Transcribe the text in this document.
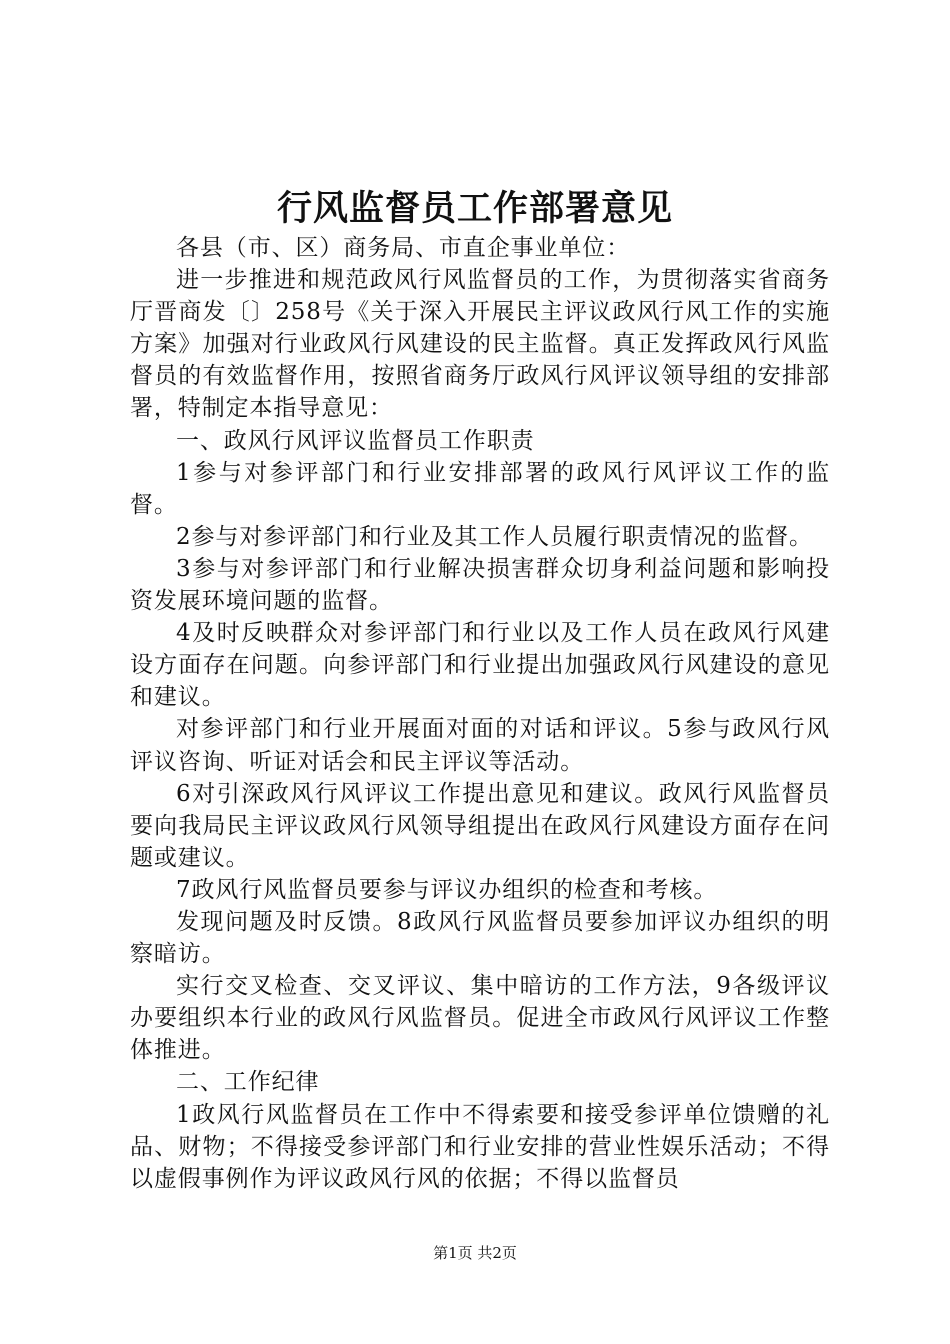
行风监督员工作部署意见

各县（市、区）商务局、市直企事业单位：

进一步推进和规范政风行风监督员的工作，为贯彻落实省商务厅晋商发〔〕258号《关于深入开展民主评议政风行风工作的实施方案》加强对行业政风行风建设的民主监督。真正发挥政风行风监督员的有效监督作用，按照省商务厅政风行风评议领导组的安排部署，特制定本指导意见：

一、政风行风评议监督员工作职责

1参与对参评部门和行业安排部署的政风行风评议工作的监督。

2参与对参评部门和行业及其工作人员履行职责情况的监督。

3参与对参评部门和行业解决损害群众切身利益问题和影响投资发展环境问题的监督。

4及时反映群众对参评部门和行业以及工作人员在政风行风建设方面存在问题。向参评部门和行业提出加强政风行风建设的意见和建议。

对参评部门和行业开展面对面的对话和评议。5参与政风行风评议咨询、听证对话会和民主评议等活动。

6对引深政风行风评议工作提出意见和建议。政风行风监督员要向我局民主评议政风行风领导组提出在政风行风建设方面存在问题或建议。

7政风行风监督员要参与评议办组织的检查和考核。

发现问题及时反馈。8政风行风监督员要参加评议办组织的明察暗访。

实行交叉检查、交叉评议、集中暗访的工作方法，9各级评议办要组织本行业的政风行风监督员。促进全市政风行风评议工作整体推进。

二、工作纪律

1政风行风监督员在工作中不得索要和接受参评单位馈赠的礼品、财物；不得接受参评部门和行业安排的营业性娱乐活动；不得以虚假事例作为评议政风行风的依据；不得以监督员

第1页 共2页
